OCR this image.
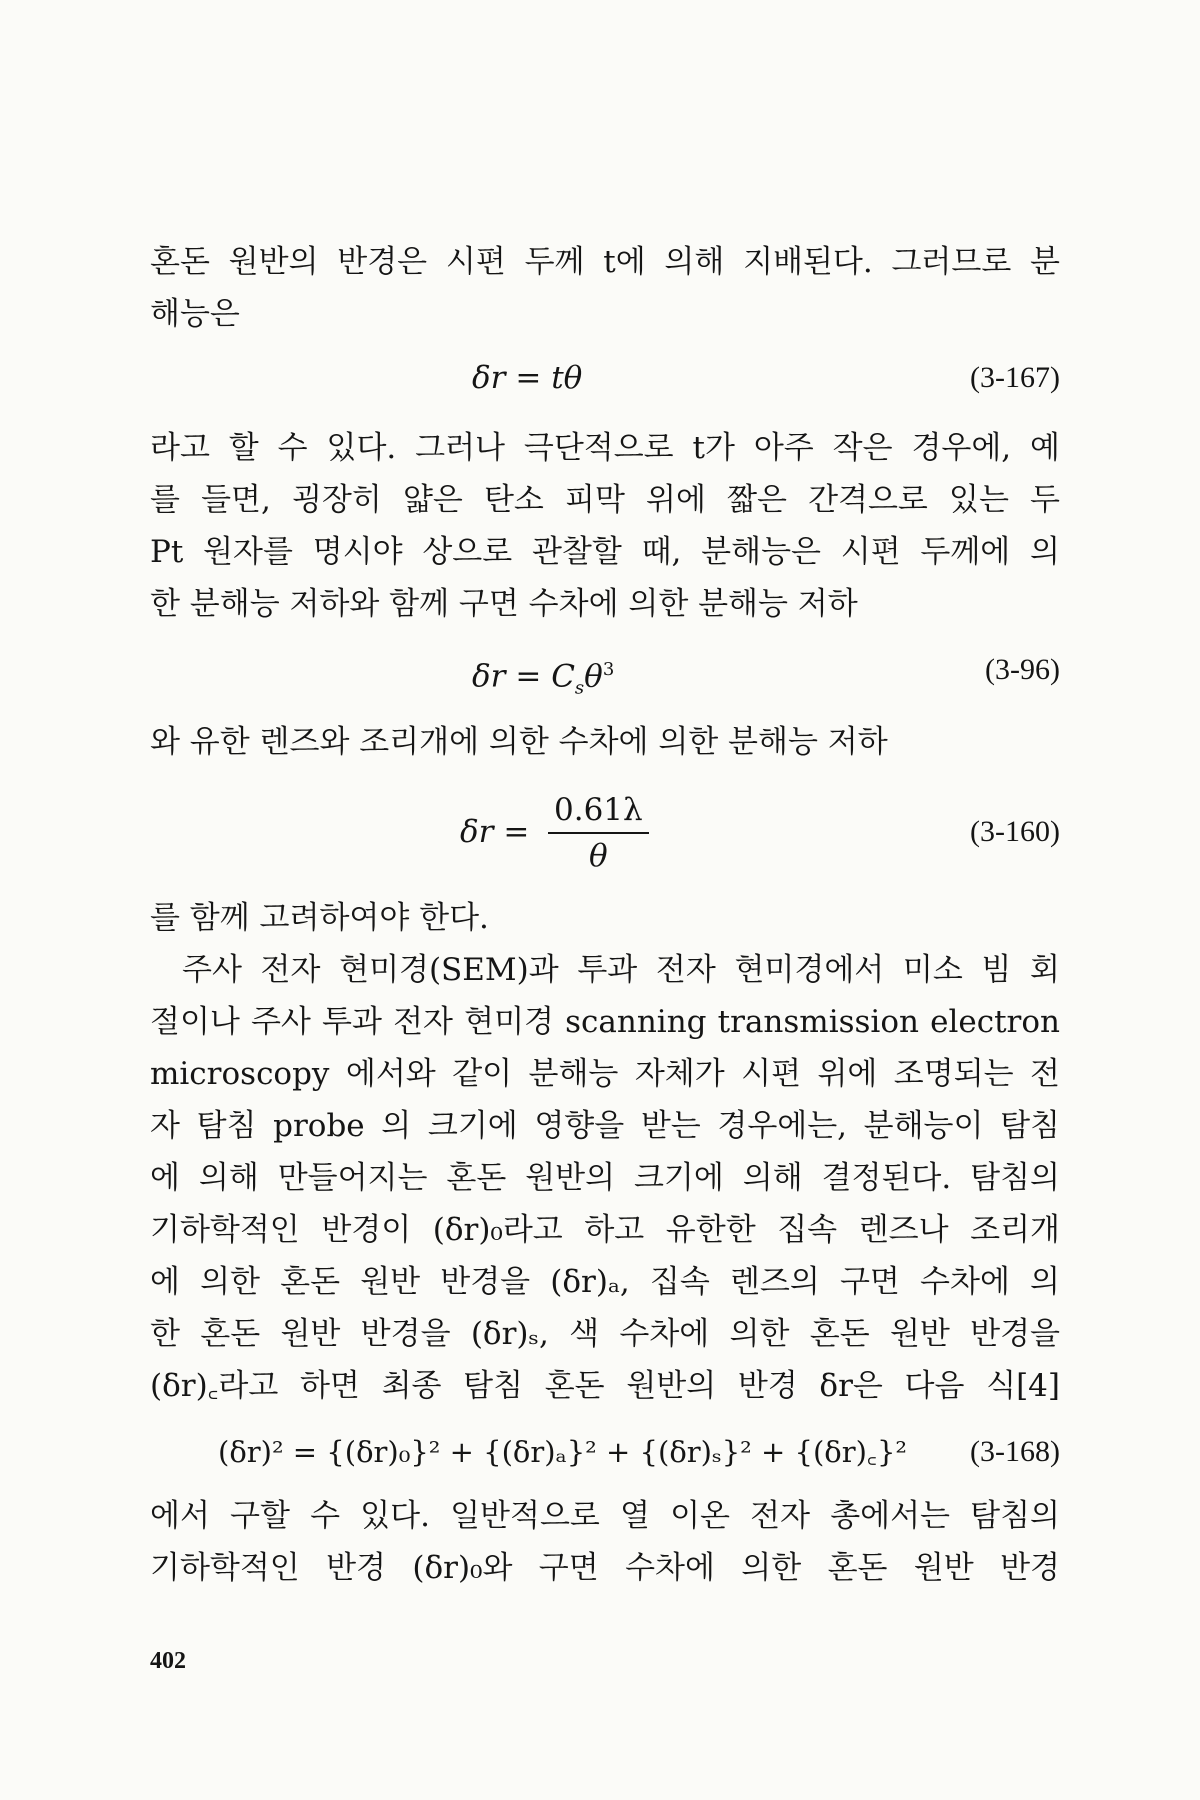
혼돈 원반의 반경은 시편 두께 t에 의해 지배된다. 그러므로 분
해능은
δr = tθ	(3-167)
라고 할 수 있다. 그러나 극단적으로 t가 아주 작은 경우에, 예
를 들면, 굉장히 얇은 탄소 피막 위에 짧은 간격으로 있는 두
Pt 원자를 명시야 상으로 관찰할 때, 분해능은 시편 두께에 의
한 분해능 저하와 함께 구면 수차에 의한 분해능 저하
$\delta r = C_s\theta^3$	(3-96)
와 유한 렌즈와 조리개에 의한 수차에 의한 분해능 저하
$\delta r = \frac{0.61\lambda}{\theta}$	(3-160)
를 함께 고려하여야 한다.
주사 전자 현미경(SEM)과 투과 전자 현미경에서 미소 빔 회
절이나 주사 투과 전자 현미경 scanning transmission electron
microscopy 에서와 같이 분해능 자체가 시편 위에 조명되는 전
자 탐침 probe 의 크기에 영향을 받는 경우에는, 분해능이 탐침
에 의해 만들어지는 혼돈 원반의 크기에 의해 결정된다. 탐침의
기하학적인 반경이 (δr)₀라고 하고 유한한 집속 렌즈나 조리개
에 의한 혼돈 원반 반경을 (δr)ₐ, 집속 렌즈의 구면 수차에 의
한 혼돈 원반 반경을 (δr)ₛ, 색 수차에 의한 혼돈 원반 반경을
(δr)꜀라고 하면 최종 탐침 혼돈 원반의 반경 δr은 다음 식[4]
(δr)² = {(δr)₀}² + {(δr)ₐ}² + {(δr)ₛ}² + {(δr)꜀}² (3-168)
에서 구할 수 있다. 일반적으로 열 이온 전자 총에서는 탐침의
기하학적인 반경 (δr)₀와 구면 수차에 의한 혼돈 원반 반경
402
